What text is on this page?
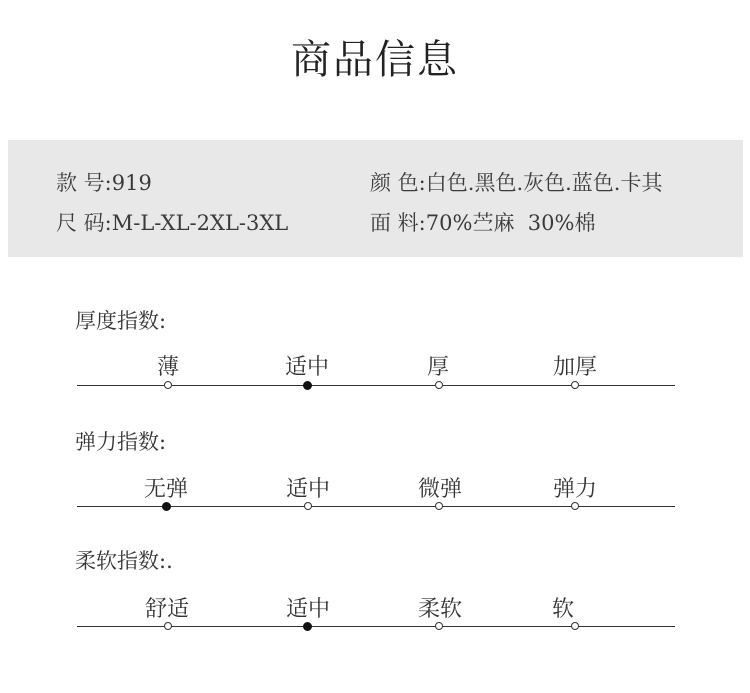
商品信息
款 号:919	颜 色:白色.黑色.灰色.蓝色.卡其
尺 码:M-L-XL-2XL-3XL	面 料:70%苎麻  30%棉
厚度指数:
薄	适中	厚	加厚
弹力指数:
无弹	适中	微弹	弹力
柔软指数:.
舒适	适中	柔软	软
